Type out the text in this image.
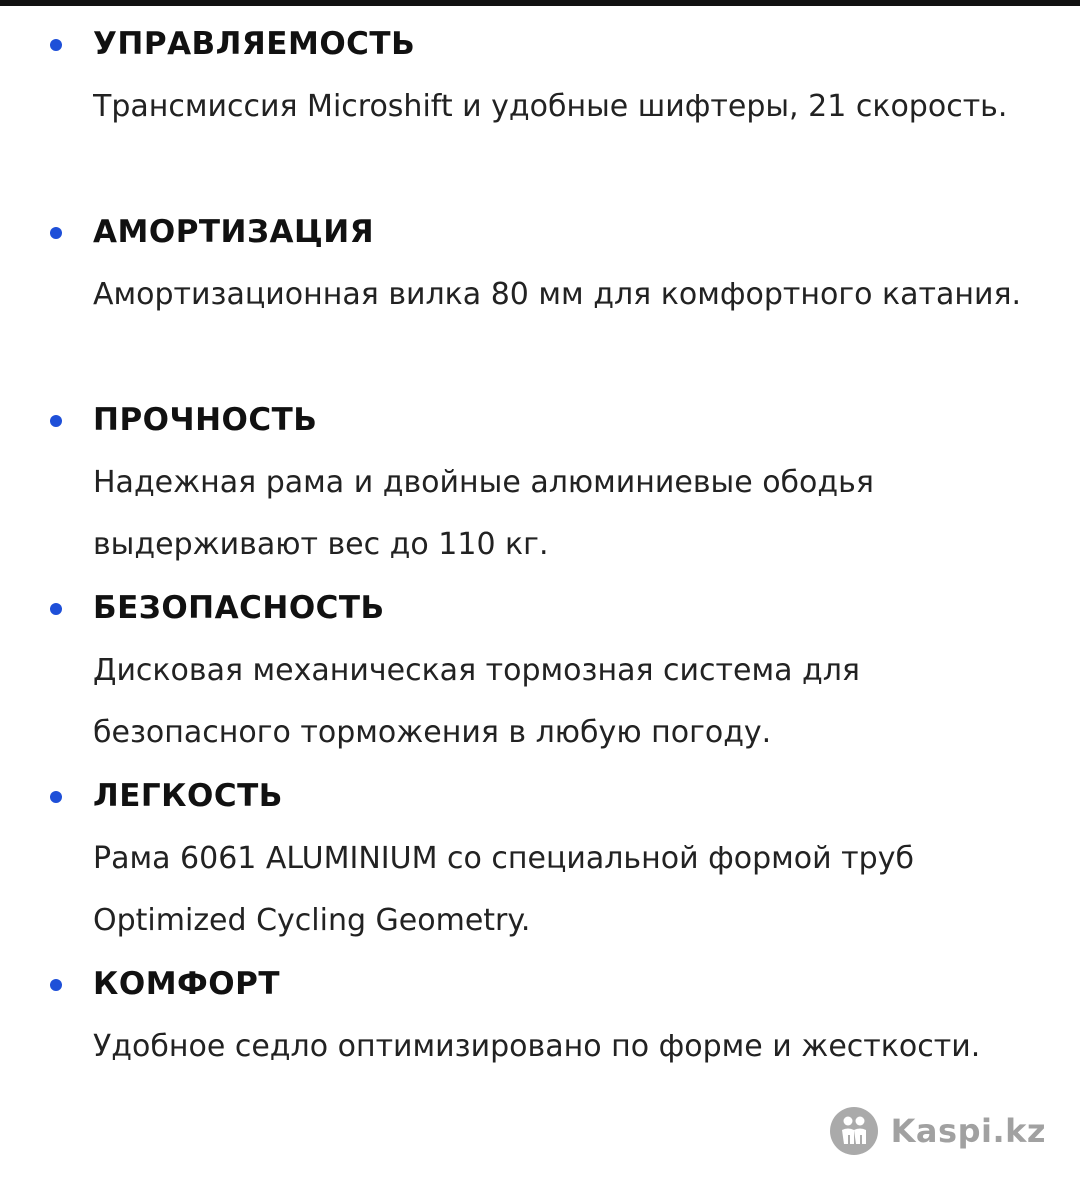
УПРАВЛЯЕМОСТЬ

Трансмиссия Microshift и удобные шифтеры, 21 скорость.

АМОРТИЗАЦИЯ

Амортизационная вилка 80 мм для комфортного катания.

ПРОЧНОСТЬ

Надежная рама и двойные алюминиевые ободья выдерживают вес до 110 кг.

БЕЗОПАСНОСТЬ

Дисковая механическая тормозная система для безопасного торможения в любую погоду.

ЛЕГКОСТЬ

Рама 6061 ALUMINIUM со специальной формой труб Optimized Cycling Geometry.

КОМФОРТ

Удобное седло оптимизировано по форме и жесткости.

Kaspi.kz
